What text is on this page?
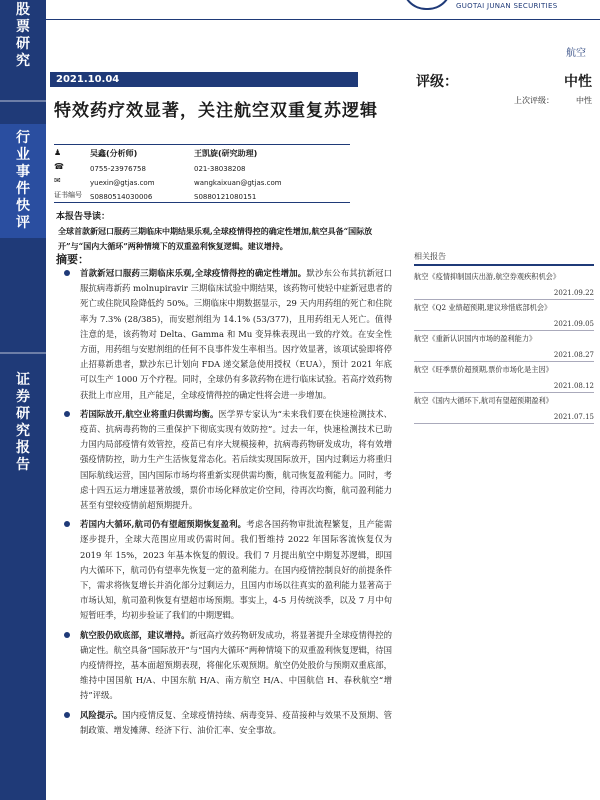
股
票
研
究
行
业
事
件
快
评
证
券
研
究
报
告
GUOTAI JUNAN SECURITIES
航空
2021.10.04
特效药疗效显著，关注航空双重复苏逻辑
评级：	中性
上次评级：	中性
♟
☎
✉
证书编号
吴鑫(分析师)
0755-23976758
yuexin@gtjas.com
S0880514030006
王凯旋(研究助理)
021-38038208
wangkaixuan@gtjas.com
S0880121080151
本报告导读：
全球首款新冠口服药三期临床中期结果乐观,全球疫情得控的确定性增加,航空具备“国际放开”与“国内大循环”两种情境下的双重盈利恢复逻辑。建议增持。
摘要：

首款新冠口服药三期临床乐观,全球疫情得控的确定性增加。默沙东公布其抗新冠口服抗病毒新药 molnupiravir 三期临床试验中期结果，该药物可使轻中症新冠患者的死亡或住院风险降低约 50%。三期临床中期数据显示，29 天内用药组的死亡和住院率为 7.3% (28/385)，而安慰剂组为 14.1% (53/377)，且用药组无人死亡。值得注意的是，该药物对 Delta、Gamma 和 Mu 变异株表现出一致的疗效。在安全性方面，用药组与安慰剂组的任何不良事件发生率相当。因疗效显著，该项试验即将停止招募新患者，默沙东已计划向 FDA 递交紧急使用授权（EUA），预计 2021 年底可以生产 1000 万个疗程。同时，全球仍有多款药物在进行临床试验。若高疗效药物获批上市应用，且产能足，全球疫情得控的确定性将会进一步增加。

若国际放开,航空业将重归供需均衡。医学界专家认为“未来我们要在快速检测技术、疫苗、抗病毒药物的三重保护下彻底实现有效防控”。过去一年，快速检测技术已助力国内局部疫情有效管控，疫苗已有序大规模接种，抗病毒药物研发成功，将有效增强疫情防控，助力生产生活恢复常态化。若后续实现国际放开，国内过剩运力将重归国际航线运营，国内国际市场均将重新实现供需均衡，航司恢复盈利能力。同时，考虑十四五运力增速显著放缓，票价市场化释放定价空间，待再次均衡，航司盈利能力甚至有望较疫情前超预期提升。

若国内大循环,航司仍有望超预期恢复盈利。考虑各国药物审批流程繁复，且产能需逐步提升，全球大范围应用或仍需时间。我们暂维持 2022 年国际客流恢复仅为 2019 年 15%，2023 年基本恢复的假设。我们 7 月提出航空中期复苏逻辑，即国内大循环下，航司仍有望率先恢复一定的盈利能力。在国内疫情控制良好的前提条件下，需求将恢复增长并消化部分过剩运力，且国内市场以往真实的盈利能力显著高于市场认知，航司盈利恢复有望超市场预期。事实上，4-5 月传统淡季，以及 7 月中旬短暂旺季，均初步验证了我们的中期逻辑。

航空股仍欧底部，建议增持。新冠高疗效药物研发成功，将显著提升全球疫情得控的确定性。航空具备“国际放开”与“国内大循环”两种情境下的双重盈利恢复逻辑，待国内疫情得控，基本面超预期表现，将催化乐观预期。航空仍处股价与预期双重底部，维持中国国航 H/A、中国东航 H/A、南方航空 H/A、中国航信 H、春秋航空“增持”评级。

风险提示。国内疫情反复、全球疫情持续、病毒变异、疫苗接种与效果不及预期、管制政策、增发摊薄、经济下行、油价汇率、安全事故。

相关报告
航空《疫情抑制国庆出游,航空券观疾积机会》
2021.09.22
航空《Q2 业绩超预期,建议珍惜底部机会》
2021.09.05
航空《重新认识国内市场的盈利能力》
2021.08.27
航空《旺季票价超预期,票价市场化是主因》
2021.08.12
航空《国内大循环下,航司有望超预期盈利》
2021.07.15
